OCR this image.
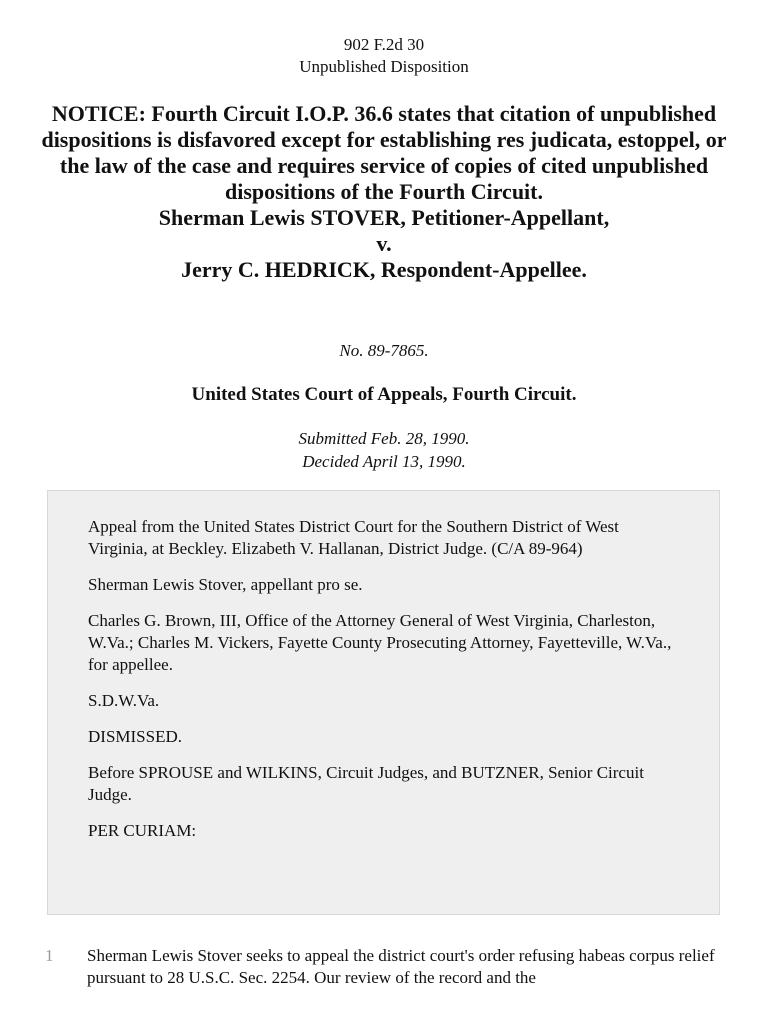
902 F.2d 30
Unpublished Disposition
NOTICE: Fourth Circuit I.O.P. 36.6 states that citation of unpublished dispositions is disfavored except for establishing res judicata, estoppel, or the law of the case and requires service of copies of cited unpublished dispositions of the Fourth Circuit.
Sherman Lewis STOVER, Petitioner-Appellant,
v.
Jerry C. HEDRICK, Respondent-Appellee.
No. 89-7865.
United States Court of Appeals, Fourth Circuit.
Submitted Feb. 28, 1990.
Decided April 13, 1990.

Appeal from the United States District Court for the Southern District of West Virginia, at Beckley. Elizabeth V. Hallanan, District Judge. (C/A 89-964)

Sherman Lewis Stover, appellant pro se.

Charles G. Brown, III, Office of the Attorney General of West Virginia, Charleston, W.Va.; Charles M. Vickers, Fayette County Prosecuting Attorney, Fayetteville, W.Va., for appellee.

S.D.W.Va.

DISMISSED.

Before SPROUSE and WILKINS, Circuit Judges, and BUTZNER, Senior Circuit Judge.

PER CURIAM:

1 Sherman Lewis Stover seeks to appeal the district court's order refusing habeas corpus relief pursuant to 28 U.S.C. Sec. 2254. Our review of the record and the
